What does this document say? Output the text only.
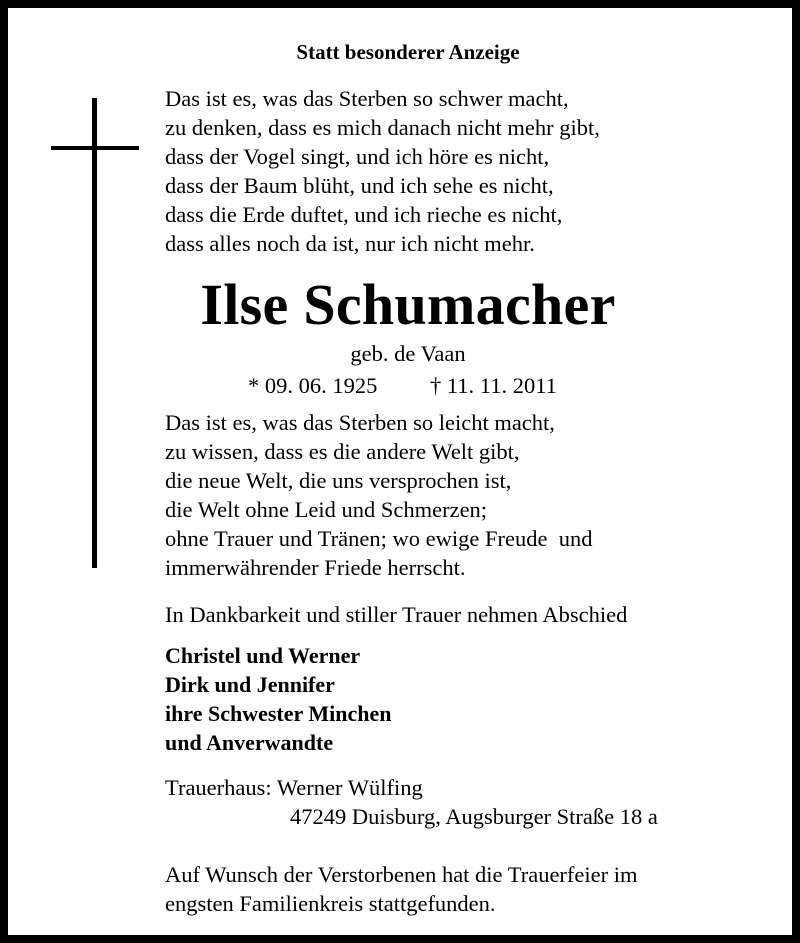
Statt besonderer Anzeige
Das ist es, was das Sterben so schwer macht,
zu denken, dass es mich danach nicht mehr gibt,
dass der Vogel singt, und ich höre es nicht,
dass der Baum blüht, und ich sehe es nicht,
dass die Erde duftet, und ich rieche es nicht,
dass alles noch da ist, nur ich nicht mehr.
Ilse Schumacher
geb. de Vaan
* 09. 06. 1925 † 11. 11. 2011
Das ist es, was das Sterben so leicht macht,
zu wissen, dass es die andere Welt gibt,
die neue Welt, die uns versprochen ist,
die Welt ohne Leid und Schmerzen;
ohne Trauer und Tränen; wo ewige Freude  und
immerwährender Friede herrscht.
In Dankbarkeit und stiller Trauer nehmen Abschied
Christel und Werner
Dirk und Jennifer
ihre Schwester Minchen
und Anverwandte
Trauerhaus: Werner Wülfing
47249 Duisburg, Augsburger Straße 18 a
Auf Wunsch der Verstorbenen hat die Trauerfeier im
engsten Familienkreis stattgefunden.
